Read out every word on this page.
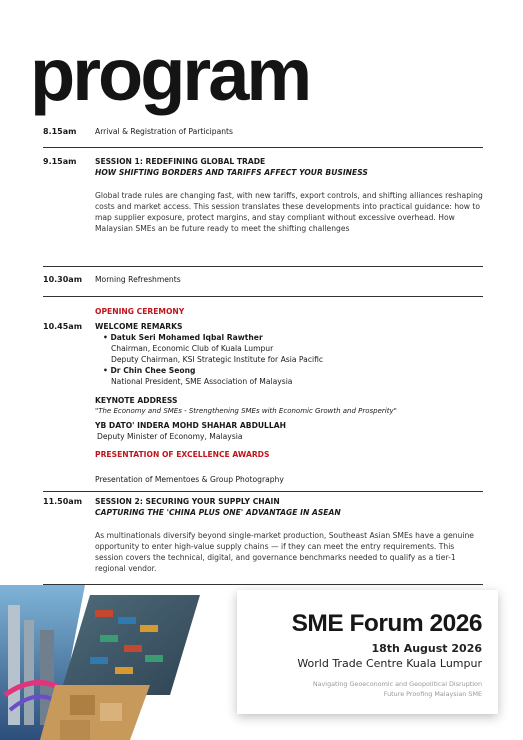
program
8.15am Arrival & Registration of Participants
9.15am SESSION 1: REDEFINING GLOBAL TRADE
HOW SHIFTING BORDERS AND TARIFFS AFFECT YOUR BUSINESS
Global trade rules are changing fast, with new tariffs, export controls, and shifting alliances reshaping costs and market access. This session translates these developments into practical guidance: how to map supplier exposure, protect margins, and stay compliant without excessive overhead. How Malaysian SMEs an be future ready to meet the shifting challenges
10.30am Morning Refreshments
OPENING CEREMONY
10.45am WELCOME REMARKS
• Datuk Seri Mohamed Iqbal Rawther
Chairman, Economic Club of Kuala Lumpur
Deputy Chairman, KSI Strategic Institute for Asia Pacific
• Dr Chin Chee Seong
National President, SME Association of Malaysia
KEYNOTE ADDRESS
"The Economy and SMEs - Strengthening SMEs with Economic Growth and Prosperity"
YB DATO' INDERA MOHD SHAHAR ABDULLAH
Deputy Minister of Economy, Malaysia
PRESENTATION OF EXCELLENCE AWARDS
Presentation of Mementoes & Group Photography
11.50am SESSION 2: SECURING YOUR SUPPLY CHAIN
CAPTURING THE 'CHINA PLUS ONE' ADVANTAGE IN ASEAN
As multinationals diversify beyond single-market production, Southeast Asian SMEs have a genuine opportunity to enter high-value supply chains — if they can meet the entry requirements. This session covers the technical, digital, and governance benchmarks needed to qualify as a tier-1 regional vendor.
SME Forum 2026
18th August 2026
World Trade Centre Kuala Lumpur
Navigating Geoeconomic and Geopolitical Disruption
Future Proofing Malaysian SME
